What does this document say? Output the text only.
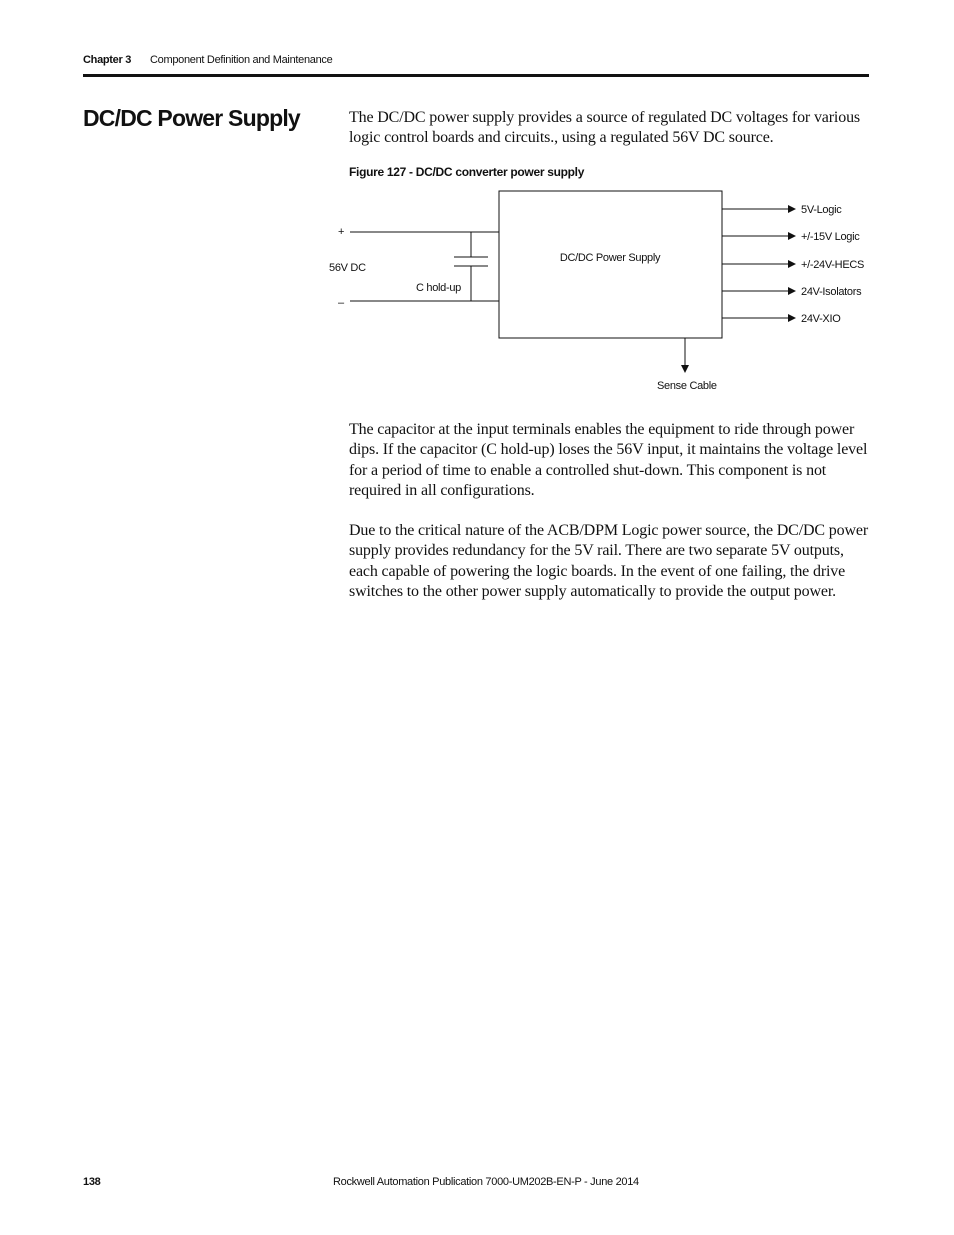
Chapter 3 Component Definition and Maintenance
DC/DC Power Supply	The DC/DC power supply provides a source of regulated DC voltages for various logic control boards and circuits., using a regulated 56V DC source.

Figure 127 - DC/DC converter power supply

+
–
56V DC
C hold-up
DC/DC Power Supply
5V-Logic
+/-15V Logic
+/-24V-HECS
24V-Isolators
24V-XIO
Sense Cable

The capacitor at the input terminals enables the equipment to ride through power dips. If the capacitor (C hold-up) loses the 56V input, it maintains the voltage level for a period of time to enable a controlled shut-down. This component is not required in all configurations.

Due to the critical nature of the ACB/DPM Logic power source, the DC/DC power supply provides redundancy for the 5V rail. There are two separate 5V outputs, each capable of powering the logic boards. In the event of one failing, the drive switches to the other power supply automatically to provide the output power.

138	Rockwell Automation Publication 7000-UM202B-EN-P - June 2014
